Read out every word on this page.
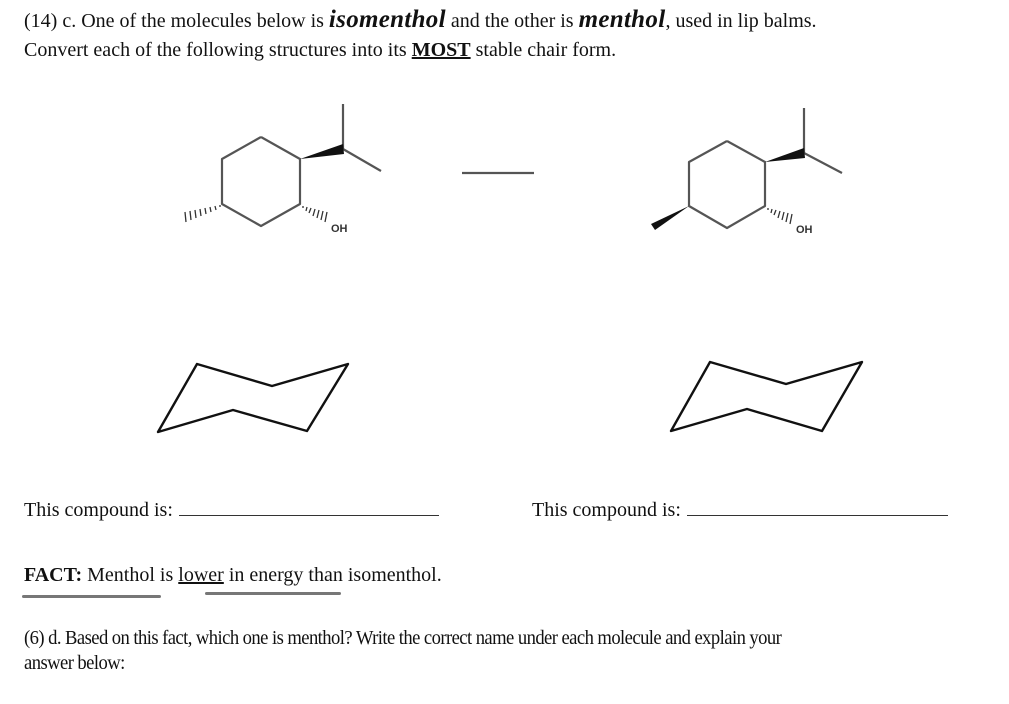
(14) c. One of the molecules below is isomenthol and the other is menthol, used in lip balms.
Convert each of the following structures into its MOST stable chair form.
OH	OH
This compound is:	This compound is:
FACT: Menthol is lower in energy than isomenthol.
(6) d. Based on this fact, which one is menthol? Write the correct name under each molecule and explain your
answer below:
